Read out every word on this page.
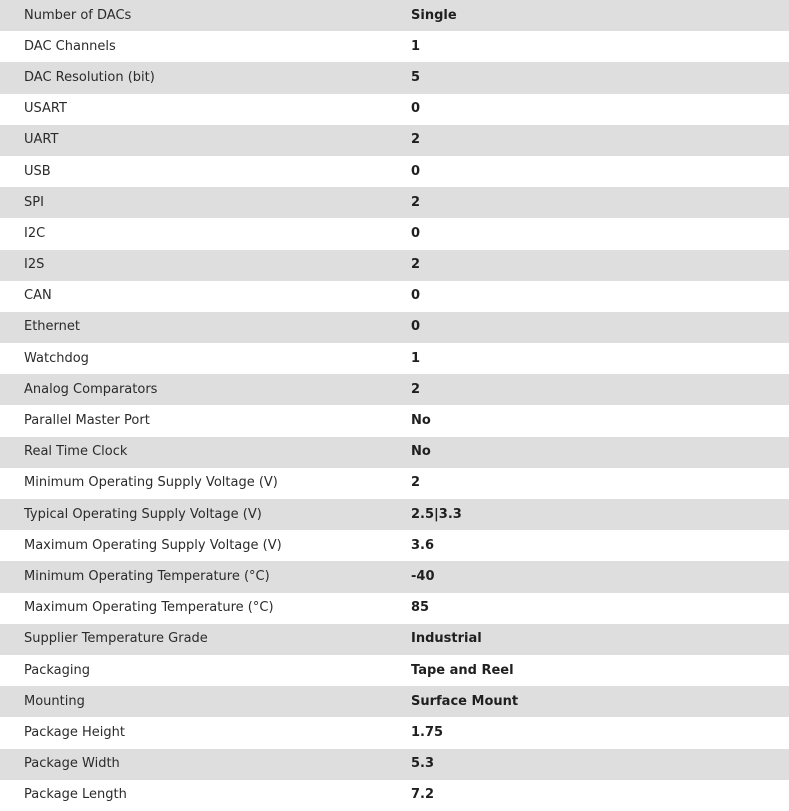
Number of DACs	Single
DAC Channels	1
DAC Resolution (bit)	5
USART	0
UART	2
USB	0
SPI	2
I2C	0
I2S	2
CAN	0
Ethernet	0
Watchdog	1
Analog Comparators	2
Parallel Master Port	No
Real Time Clock	No
Minimum Operating Supply Voltage (V)	2
Typical Operating Supply Voltage (V)	2.5|3.3
Maximum Operating Supply Voltage (V)	3.6
Minimum Operating Temperature (°C)	-40
Maximum Operating Temperature (°C)	85
Supplier Temperature Grade	Industrial
Packaging	Tape and Reel
Mounting	Surface Mount
Package Height	1.75
Package Width	5.3
Package Length	7.2
